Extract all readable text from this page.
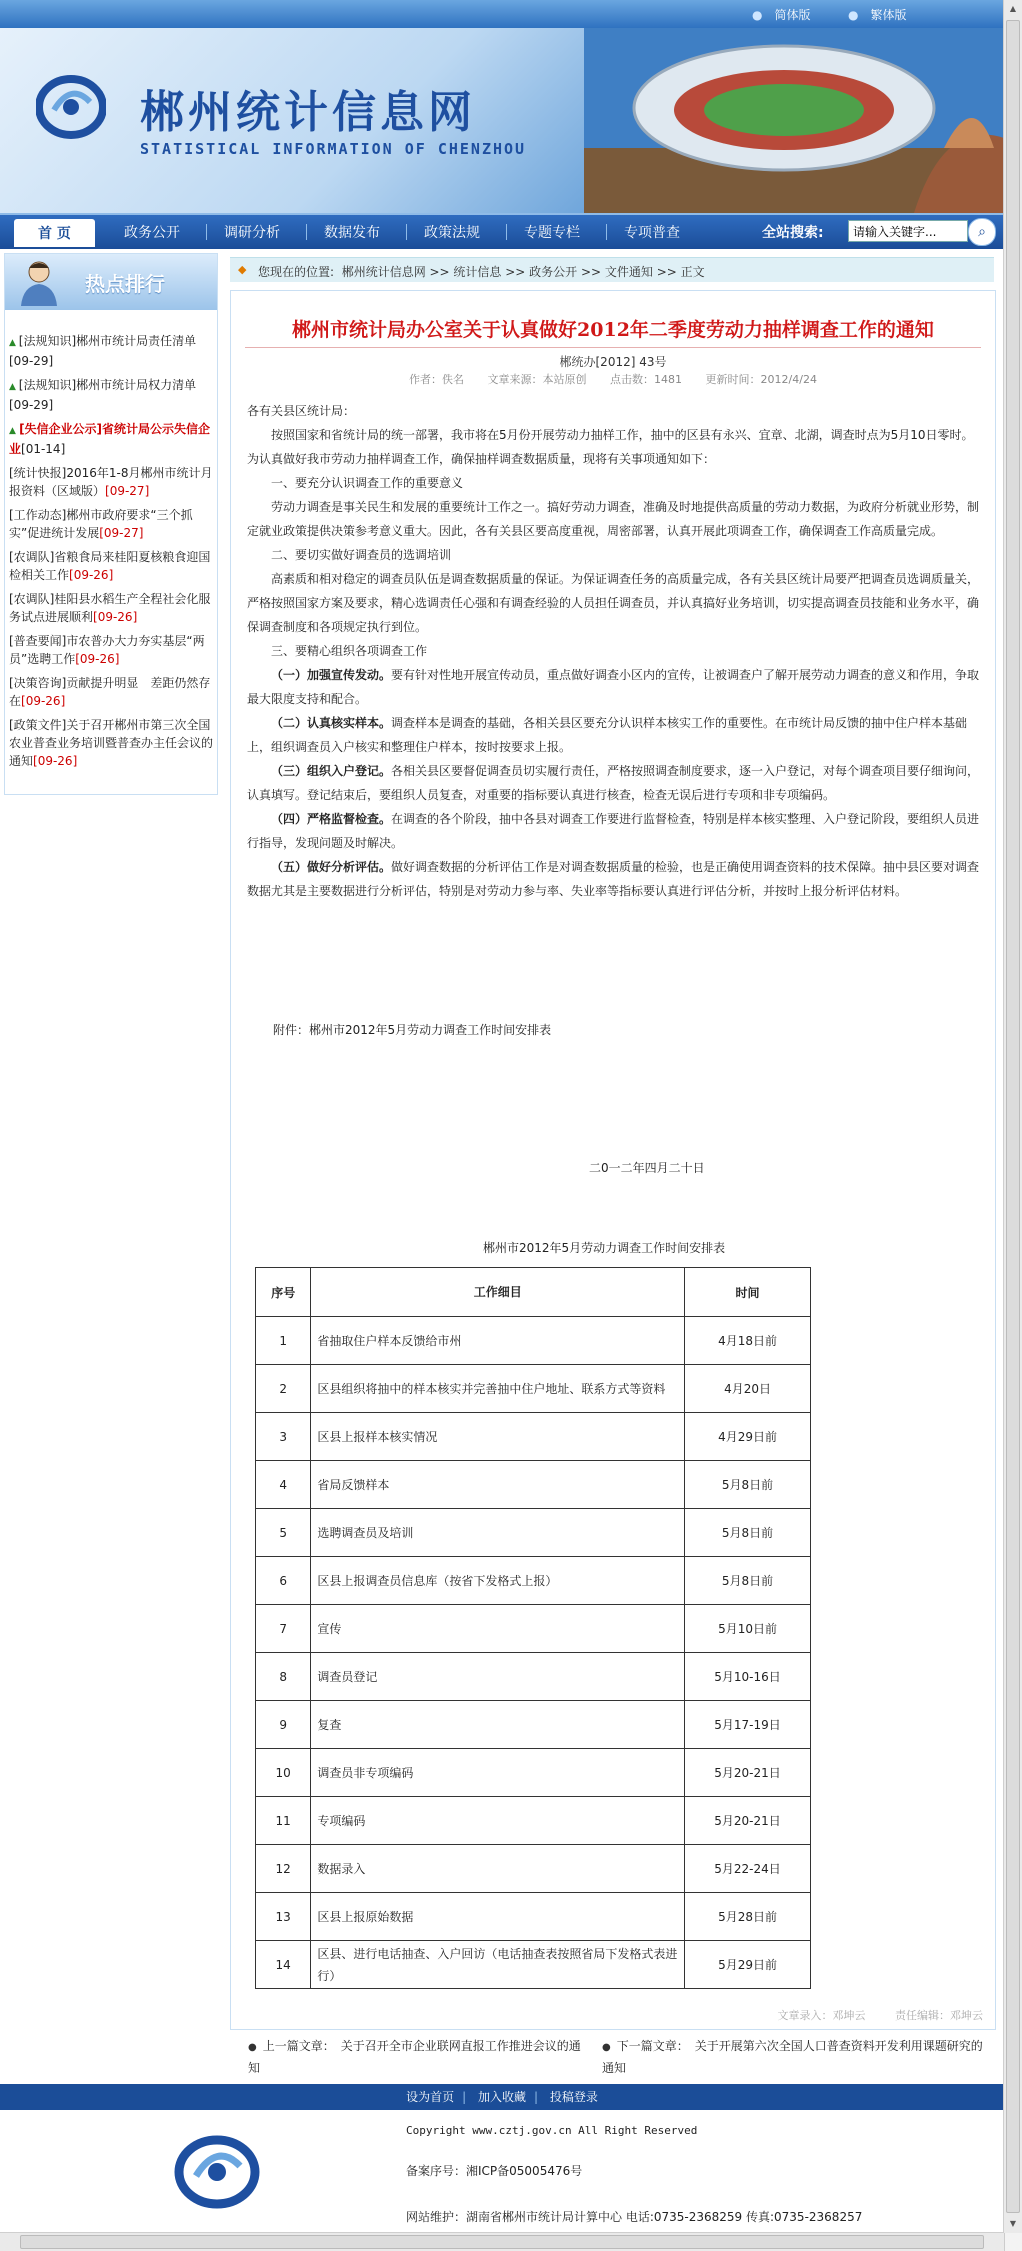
● 简体版	● 繁体版
郴州统计信息网
STATISTICAL INFORMATION OF CHENZHOU
首 页	政务公开	调研分析	数据发布	政策法规	专题专栏	专项普查	全站搜索:
请输入关键字...	⌕
热点排行
▲ [法规知识]郴州市统计局责任清单
[09-29]
▲ [法规知识]郴州市统计局权力清单
[09-29]
▲ [失信企业公示]省统计局公示失信企业[01-14]
[统计快报]2016年1-8月郴州市统计月报资料（区域版）[09-27]
[工作动态]郴州市政府要求“三个抓实”促进统计发展[09-27]
[农调队]省粮食局来桂阳夏核粮食迎国检相关工作[09-26]
[农调队]桂阳县水稻生产全程社会化服务试点进展顺利[09-26]
[普查要闻]市农普办大力夯实基层“两员”选聘工作[09-26]
[决策咨询]贡献提升明显　差距仍然存在[09-26]
[政策文件]关于召开郴州市第三次全国农业普查业务培训暨普查办主任会议的通知[09-26]
◆ 您现在的位置: 郴州统计信息网 >> 统计信息 >> 政务公开 >> 文件通知 >> 正文
郴州市统计局办公室关于认真做好2012年二季度劳动力抽样调查工作的通知
郴统办[2012] 43号
作者：佚名 文章来源：本站原创 点击数：1481 更新时间：2012/4/24

各有关县区统计局：

按照国家和省统计局的统一部署，我市将在5月份开展劳动力抽样工作，抽中的区县有永兴、宜章、北湖，调查时点为5月10日零时。为认真做好我市劳动力抽样调查工作，确保抽样调查数据质量，现将有关事项通知如下：

一、要充分认识调查工作的重要意义

劳动力调查是事关民生和发展的重要统计工作之一。搞好劳动力调查，准确及时地提供高质量的劳动力数据，为政府分析就业形势，制定就业政策提供决策参考意义重大。因此，各有关县区要高度重视，周密部署，认真开展此项调查工作，确保调查工作高质量完成。

二、要切实做好调查员的选调培训

高素质和相对稳定的调查员队伍是调查数据质量的保证。为保证调查任务的高质量完成，各有关县区统计局要严把调查员选调质量关，严格按照国家方案及要求，精心选调责任心强和有调查经验的人员担任调查员，并认真搞好业务培训，切实提高调查员技能和业务水平，确保调查制度和各项规定执行到位。

三、要精心组织各项调查工作

（一）加强宣传发动。要有针对性地开展宣传动员，重点做好调查小区内的宣传，让被调查户了解开展劳动力调查的意义和作用，争取最大限度支持和配合。

（二）认真核实样本。调查样本是调查的基础，各相关县区要充分认识样本核实工作的重要性。在市统计局反馈的抽中住户样本基础上，组织调查员入户核实和整理住户样本，按时按要求上报。

（三）组织入户登记。各相关县区要督促调查员切实履行责任，严格按照调查制度要求，逐一入户登记，对每个调查项目要仔细询问，认真填写。登记结束后，要组织人员复查，对重要的指标要认真进行核查，检查无误后进行专项和非专项编码。

（四）严格监督检查。在调查的各个阶段，抽中各县对调查工作要进行监督检查，特别是样本核实整理、入户登记阶段，要组织人员进行指导，发现问题及时解决。

（五）做好分析评估。做好调查数据的分析评估工作是对调查数据质量的检验，也是正确使用调查资料的技术保障。抽中县区要对调查数据尤其是主要数据进行分析评估，特别是对劳动力参与率、失业率等指标要认真进行评估分析，并按时上报分析评估材料。

附件：郴州市2012年5月劳动力调查工作时间安排表
二0一二年四月二十日
郴州市2012年5月劳动力调查工作时间安排表
序号	工作细目	时间
1	省抽取住户样本反馈给市州	4月18日前
2	区县组织将抽中的样本核实并完善抽中住户地址、联系方式等资料	4月20日
3	区县上报样本核实情况	4月29日前
4	省局反馈样本	5月8日前
5	选聘调查员及培训	5月8日前
6	区县上报调查员信息库（按省下发格式上报）	5月8日前
7	宣传	5月10日前
8	调查员登记	5月10-16日
9	复查	5月17-19日
10	调查员非专项编码	5月20-21日
11	专项编码	5月20-21日
12	数据录入	5月22-24日
13	区县上报原始数据	5月28日前
14	区县、进行电话抽查、入户回访（电话抽查表按照省局下发格式表进行）	5月29日前
文章录入：邓坤云	责任编辑：邓坤云
● 上一篇文章：　关于召开全市企业联网直报工作推进会议的通知
● 下一篇文章：　关于开展第六次全国人口普查资料开发利用课题研究的通知
设为首页 | 加入收藏 | 投稿登录
Copyright www.cztj.gov.cn All Right Reserved
备案序号：湘ICP备05005476号
网站维护：湖南省郴州市统计局计算中心 电话:0735-2368259 传真:0735-2368257
▲
▼
